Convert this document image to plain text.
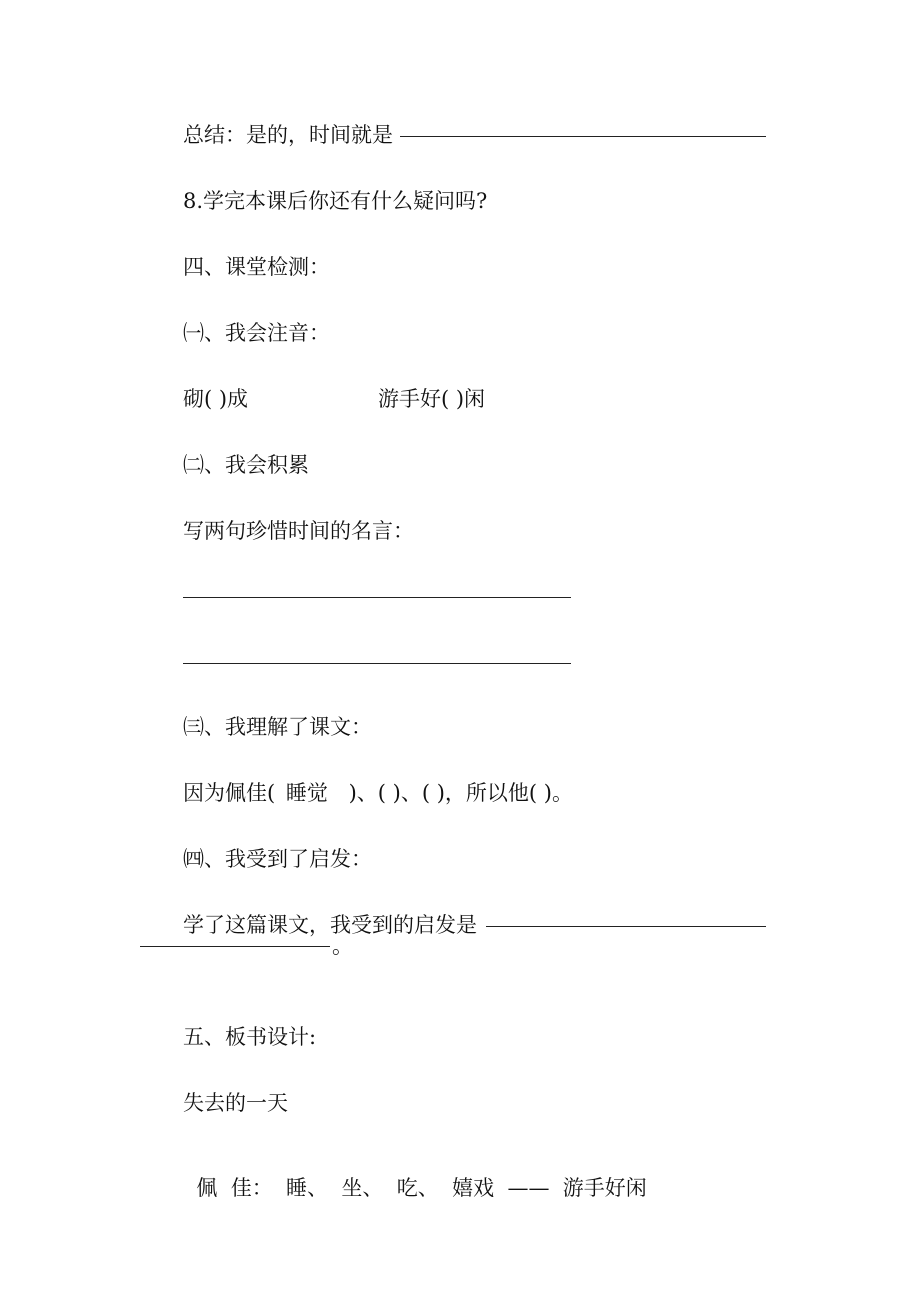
总结：是的，时间就是
8.学完本课后你还有什么疑问吗?
四、课堂检测：
㈠、我会注音：
砌( )成	游手好( )闲
㈡、我会积累
写两句珍惜时间的名言：
㈢、我理解了课文：
因为佩佳( 睡觉 )、( )、( )，所以他( )。
㈣、我受到了启发：
学了这篇课文，我受到的启发是
。
五、板书设计:
失去的一天

佩  佳：  睡、  坐、  吃、  嬉戏  ——  游手好闲
